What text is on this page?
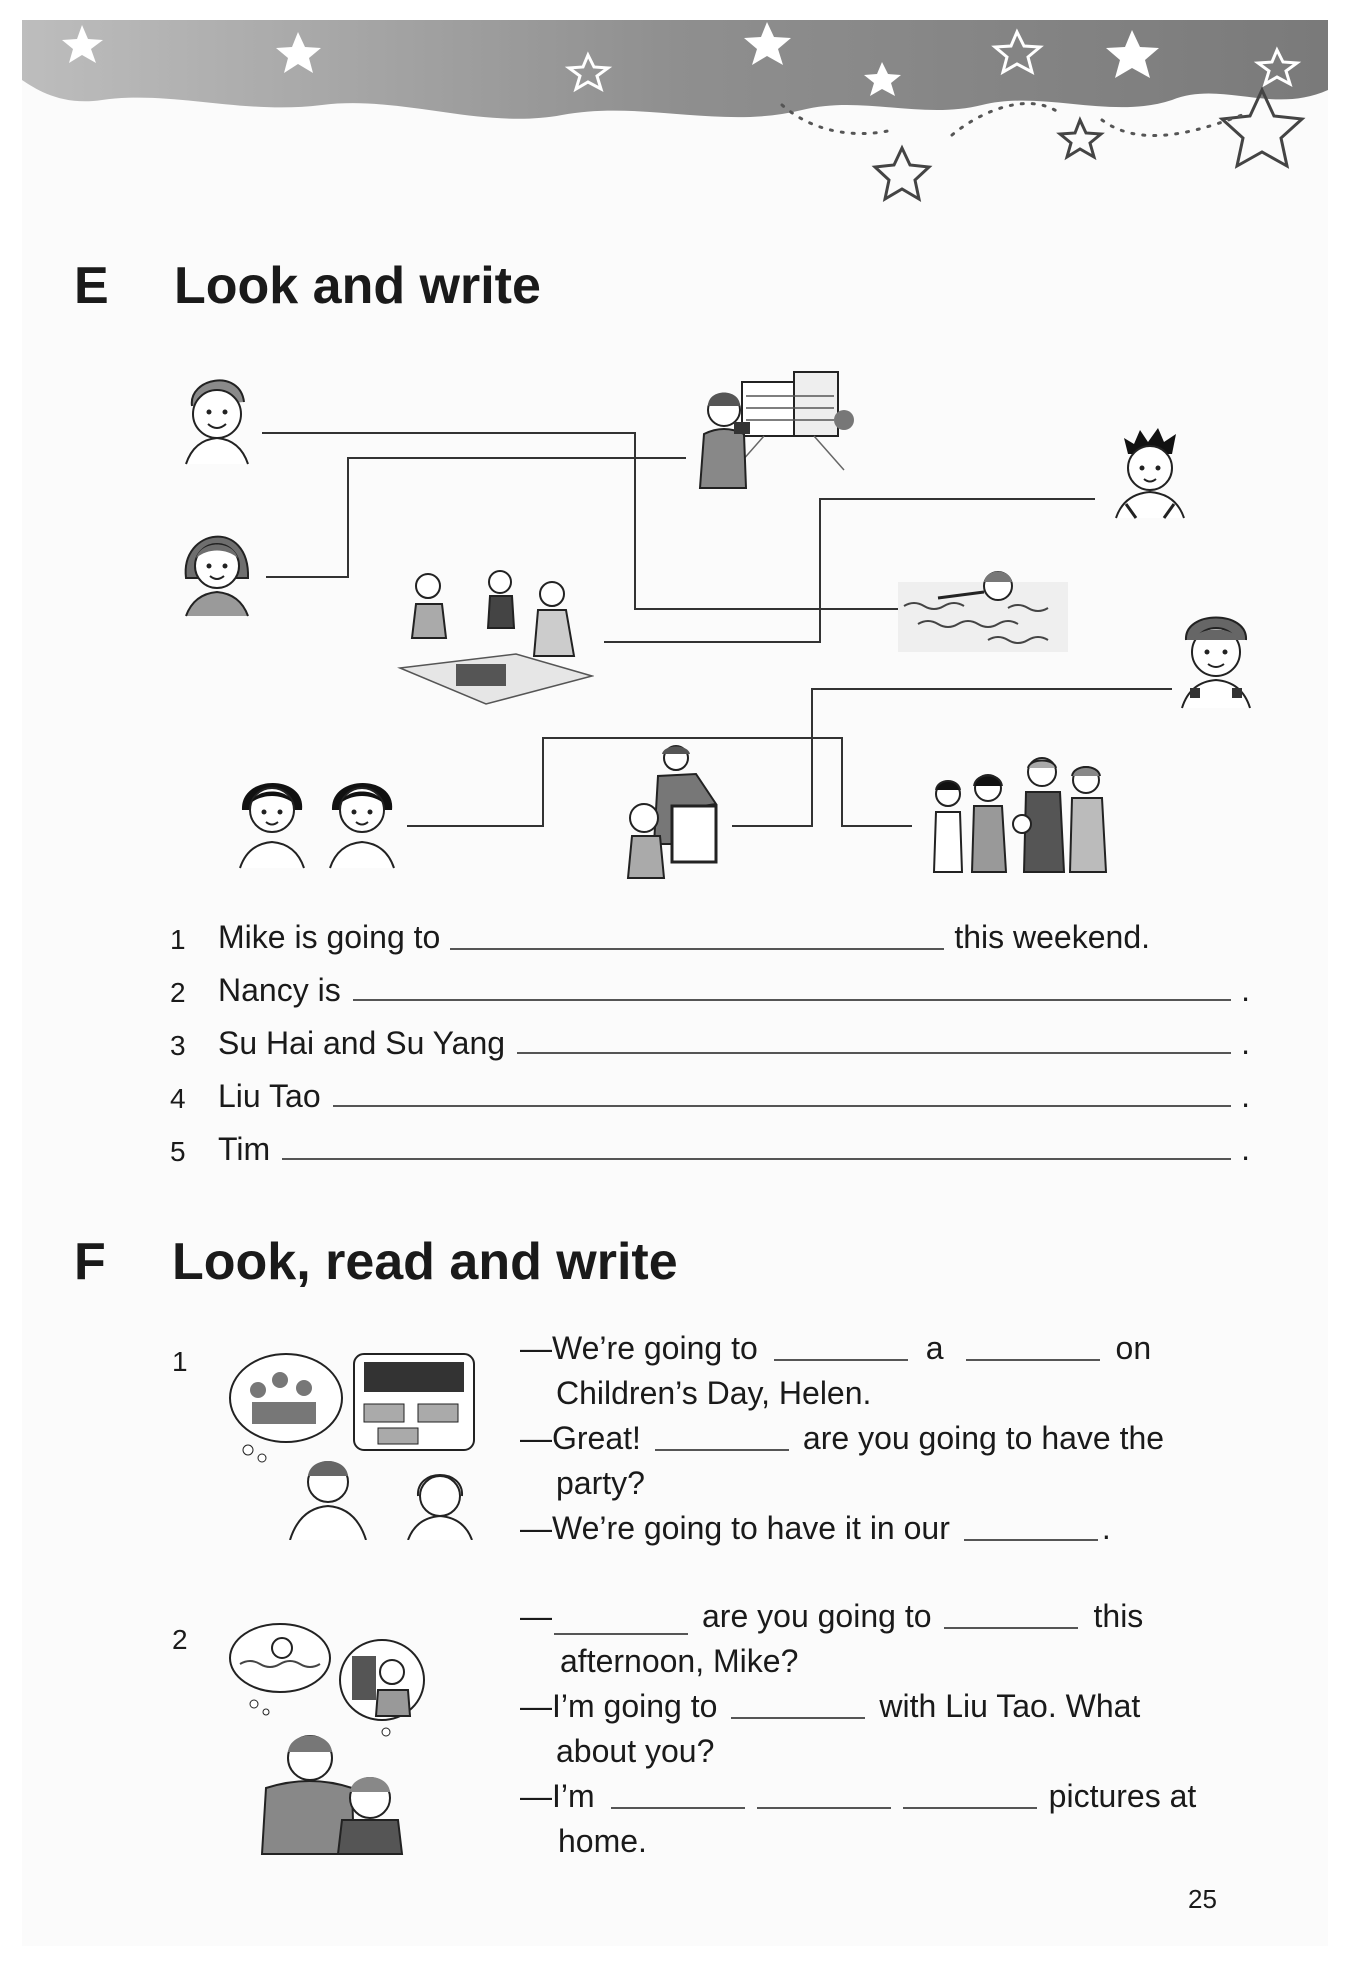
E Look and write
1	Mike is going to	this weekend.
2	Nancy is	.
3	Su Hai and Su Yang	.
4	Liu Tao	.
5	Tim	.
F Look, read and write
1	—We’re going to	a	on
Children’s Day, Helen.
—Great!	are you going to have the
party?
—We’re going to have it in our	.
2
—	are you going to	this
afternoon, Mike?
—I’m going to	with Liu Tao. What
about you?
—I’m	pictures at
home.
25
